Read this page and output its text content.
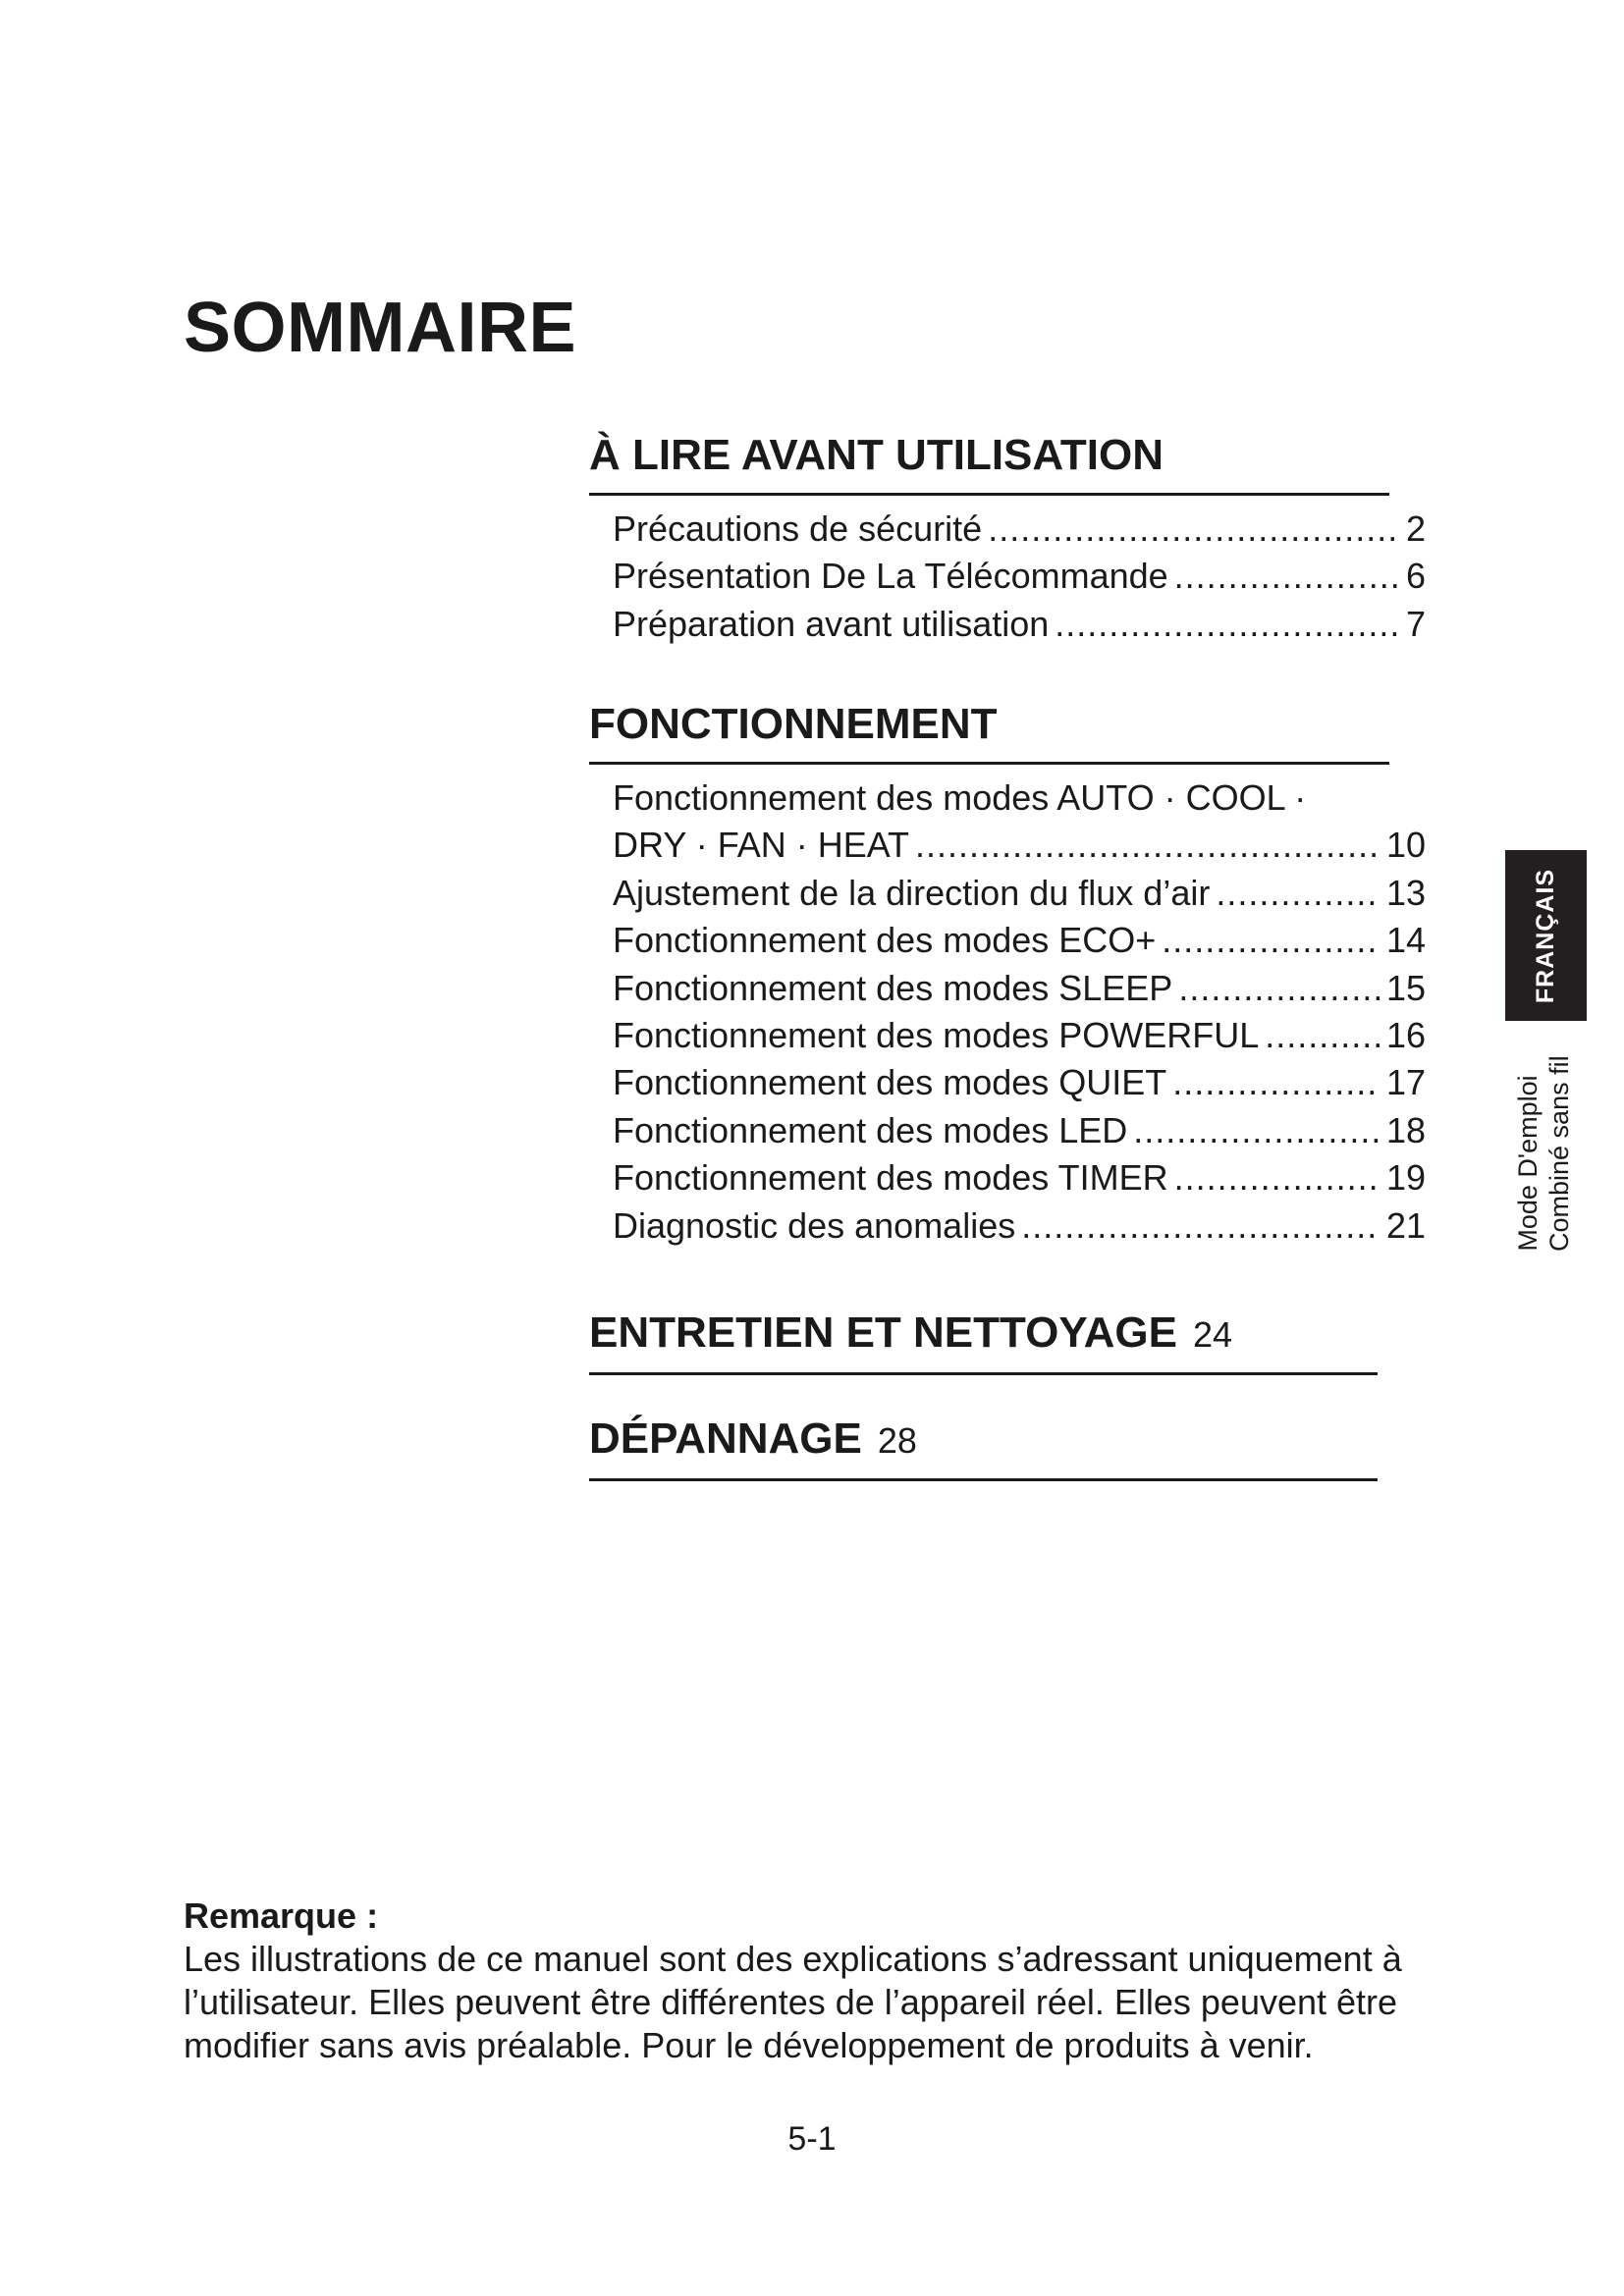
SOMMAIRE
À LIRE AVANT UTILISATION
Précautions de sécurité .....	2
Présentation De La Télécommande .....	6
Préparation avant utilisation .....	7
FONCTIONNEMENT
Fonctionnement des modes AUTO · COOL ·
DRY · FAN · HEAT .....	10
Ajustement de la direction du flux d’air .....	13
Fonctionnement des modes ECO+ .....	14
Fonctionnement des modes SLEEP .....	15
Fonctionnement des modes POWERFUL .....	16
Fonctionnement des modes QUIET .....	17
Fonctionnement des modes LED .....	18
Fonctionnement des modes TIMER .....	19
Diagnostic des anomalies .....	21
ENTRETIEN ET NETTOYAGE 24
DÉPANNAGE 28
FRANÇAIS
Mode D'emploi Combiné sans fil

Remarque :

Les illustrations de ce manuel sont des explications s’adressant uniquement à l’utilisateur. Elles peuvent être différentes de l’appareil réel. Elles peuvent être modifier sans avis préalable. Pour le développement de produits à venir.

5-1
